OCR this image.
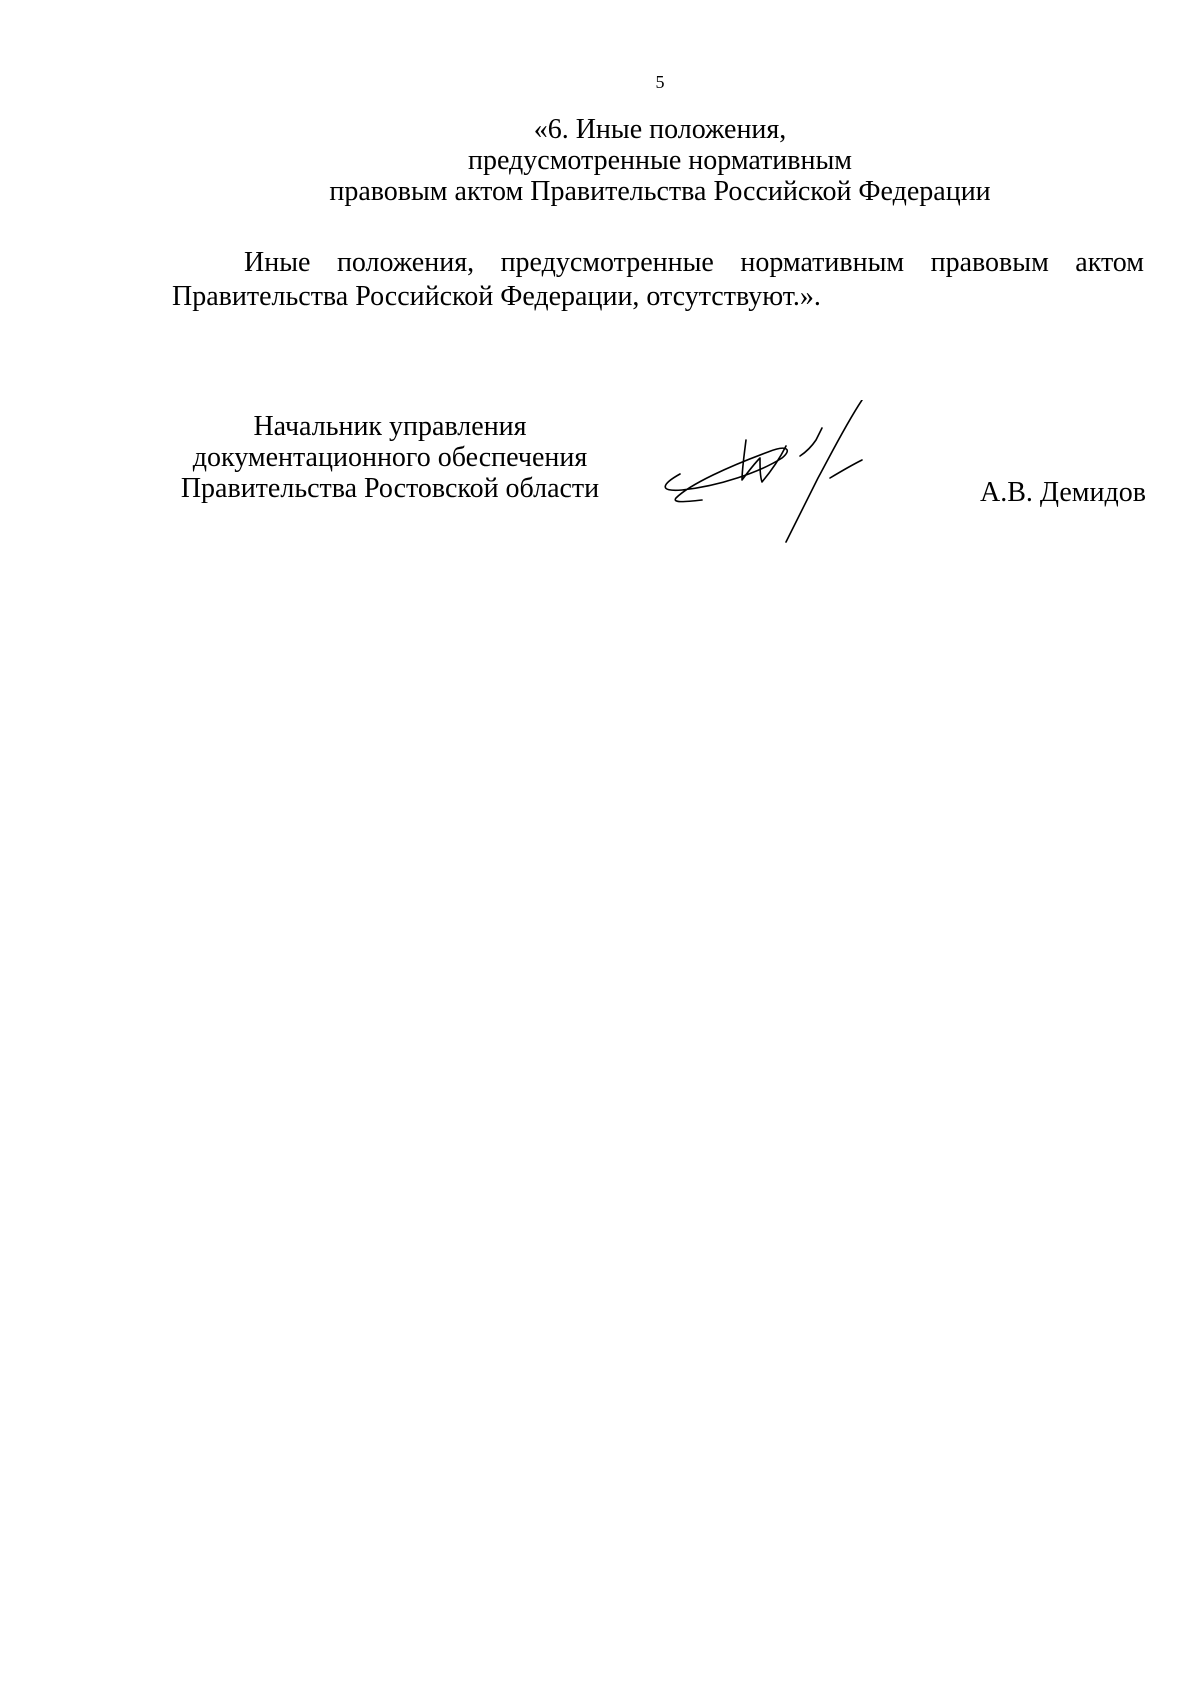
5
«6. Иные положения,
предусмотренные нормативным
правовым актом Правительства Российской Федерации

Иные положения, предусмотренные нормативным правовым актом Правительства Российской Федерации, отсутствуют.».

Начальник управления
документационного обеспечения
Правительства Ростовской области	А.В. Демидов
